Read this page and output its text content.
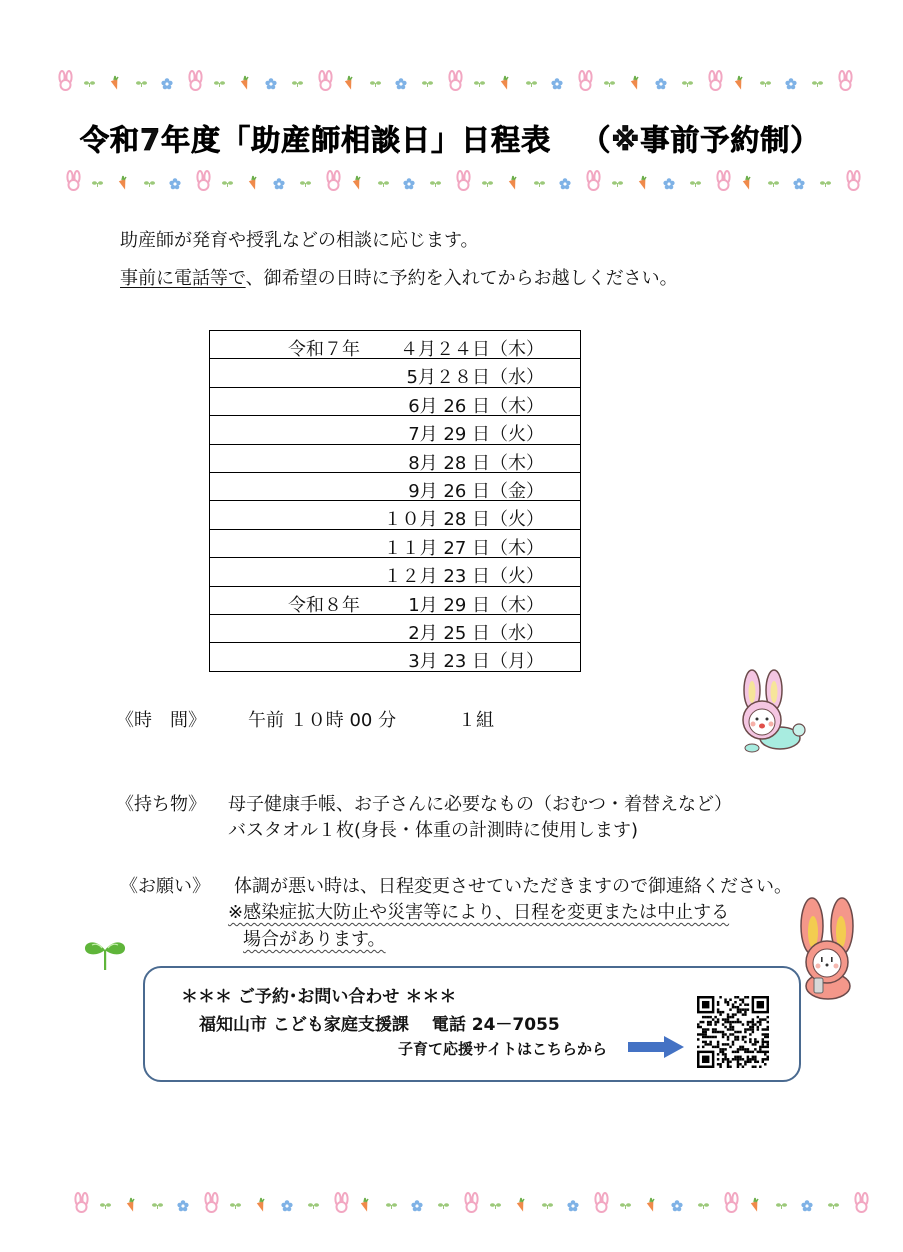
令和7年度「助産師相談日」日程表 （※事前予約制）
助産師が発育や授乳などの相談に応じます。
事前に電話等で、御希望の日時に予約を入れてからお越しください。
令和７年 ４月２４日（木）

5月２８日（水）

6月 26 日（木）

7月 29 日（火）

8月 28 日（木）

9月 26 日（金）

１０月 28 日（火）

１１月 27 日（木）

１２月 23 日（火）

令和８年	1月 29 日（木）

2月 25 日（水）

3月 23 日（月）
《時　間》 午前 １０時 00 分	１組
《持ち物》 母子健康手帳、お子さんに必要なもの（おむつ・着替えなど）
バスタオル１枚(身長・体重の計測時に使用します)
《お願い》 体調が悪い時は、日程変更させていただきますので御連絡ください。
※感染症拡大防止や災害等により、日程を変更または中止する
場合があります。
＊＊＊ ご予約･お問い合わせ ＊＊＊
福知山市 こども家庭支援課　 電話 24－7055
子育て応援サイトはこちらから
